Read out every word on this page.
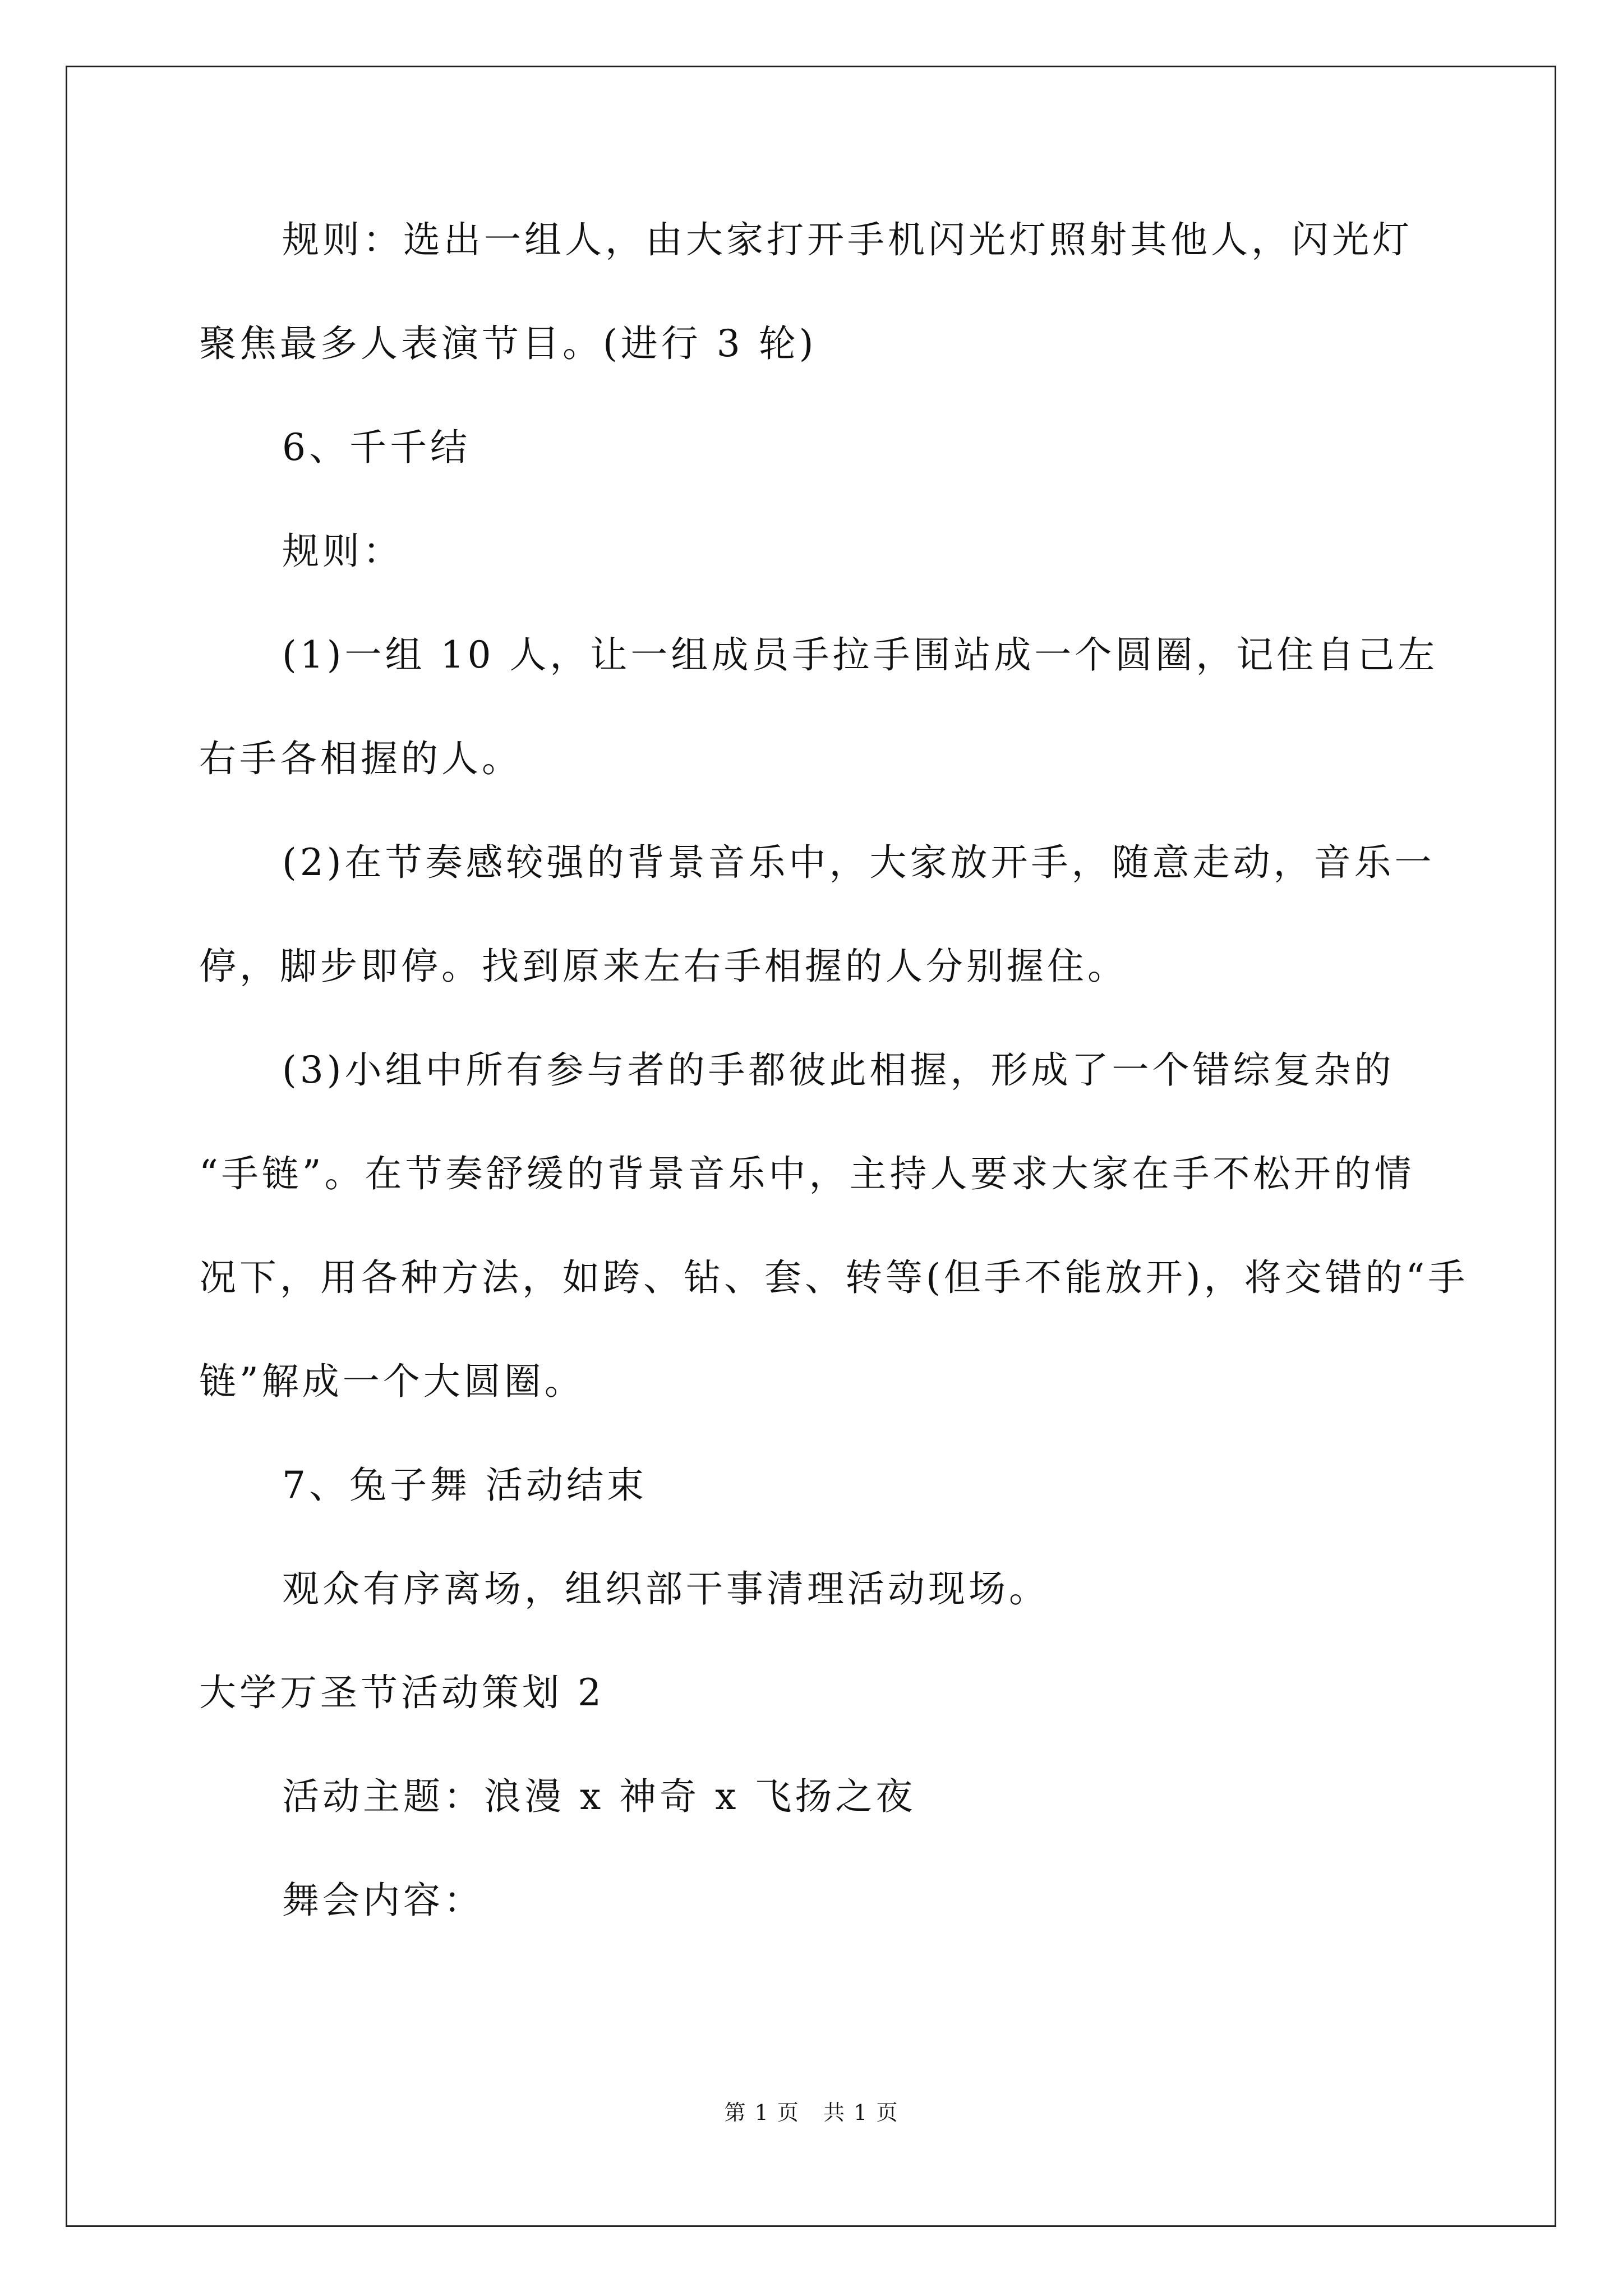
规则：选出一组人，由大家打开手机闪光灯照射其他人，闪光灯
聚焦最多人表演节目。(进行 3 轮)
6、千千结
规则：
(1)一组 10 人，让一组成员手拉手围站成一个圆圈，记住自己左
右手各相握的人。
(2)在节奏感较强的背景音乐中，大家放开手，随意走动，音乐一
停，脚步即停。找到原来左右手相握的人分别握住。
(3)小组中所有参与者的手都彼此相握，形成了一个错综复杂的
“手链”。在节奏舒缓的背景音乐中，主持人要求大家在手不松开的情
况下，用各种方法，如跨、钻、套、转等(但手不能放开)，将交错的“手
链”解成一个大圆圈。
7、兔子舞 活动结束
观众有序离场，组织部干事清理活动现场。
大学万圣节活动策划 2
活动主题：浪漫 x 神奇 x 飞扬之夜
舞会内容：
第 1 页   共 1 页
